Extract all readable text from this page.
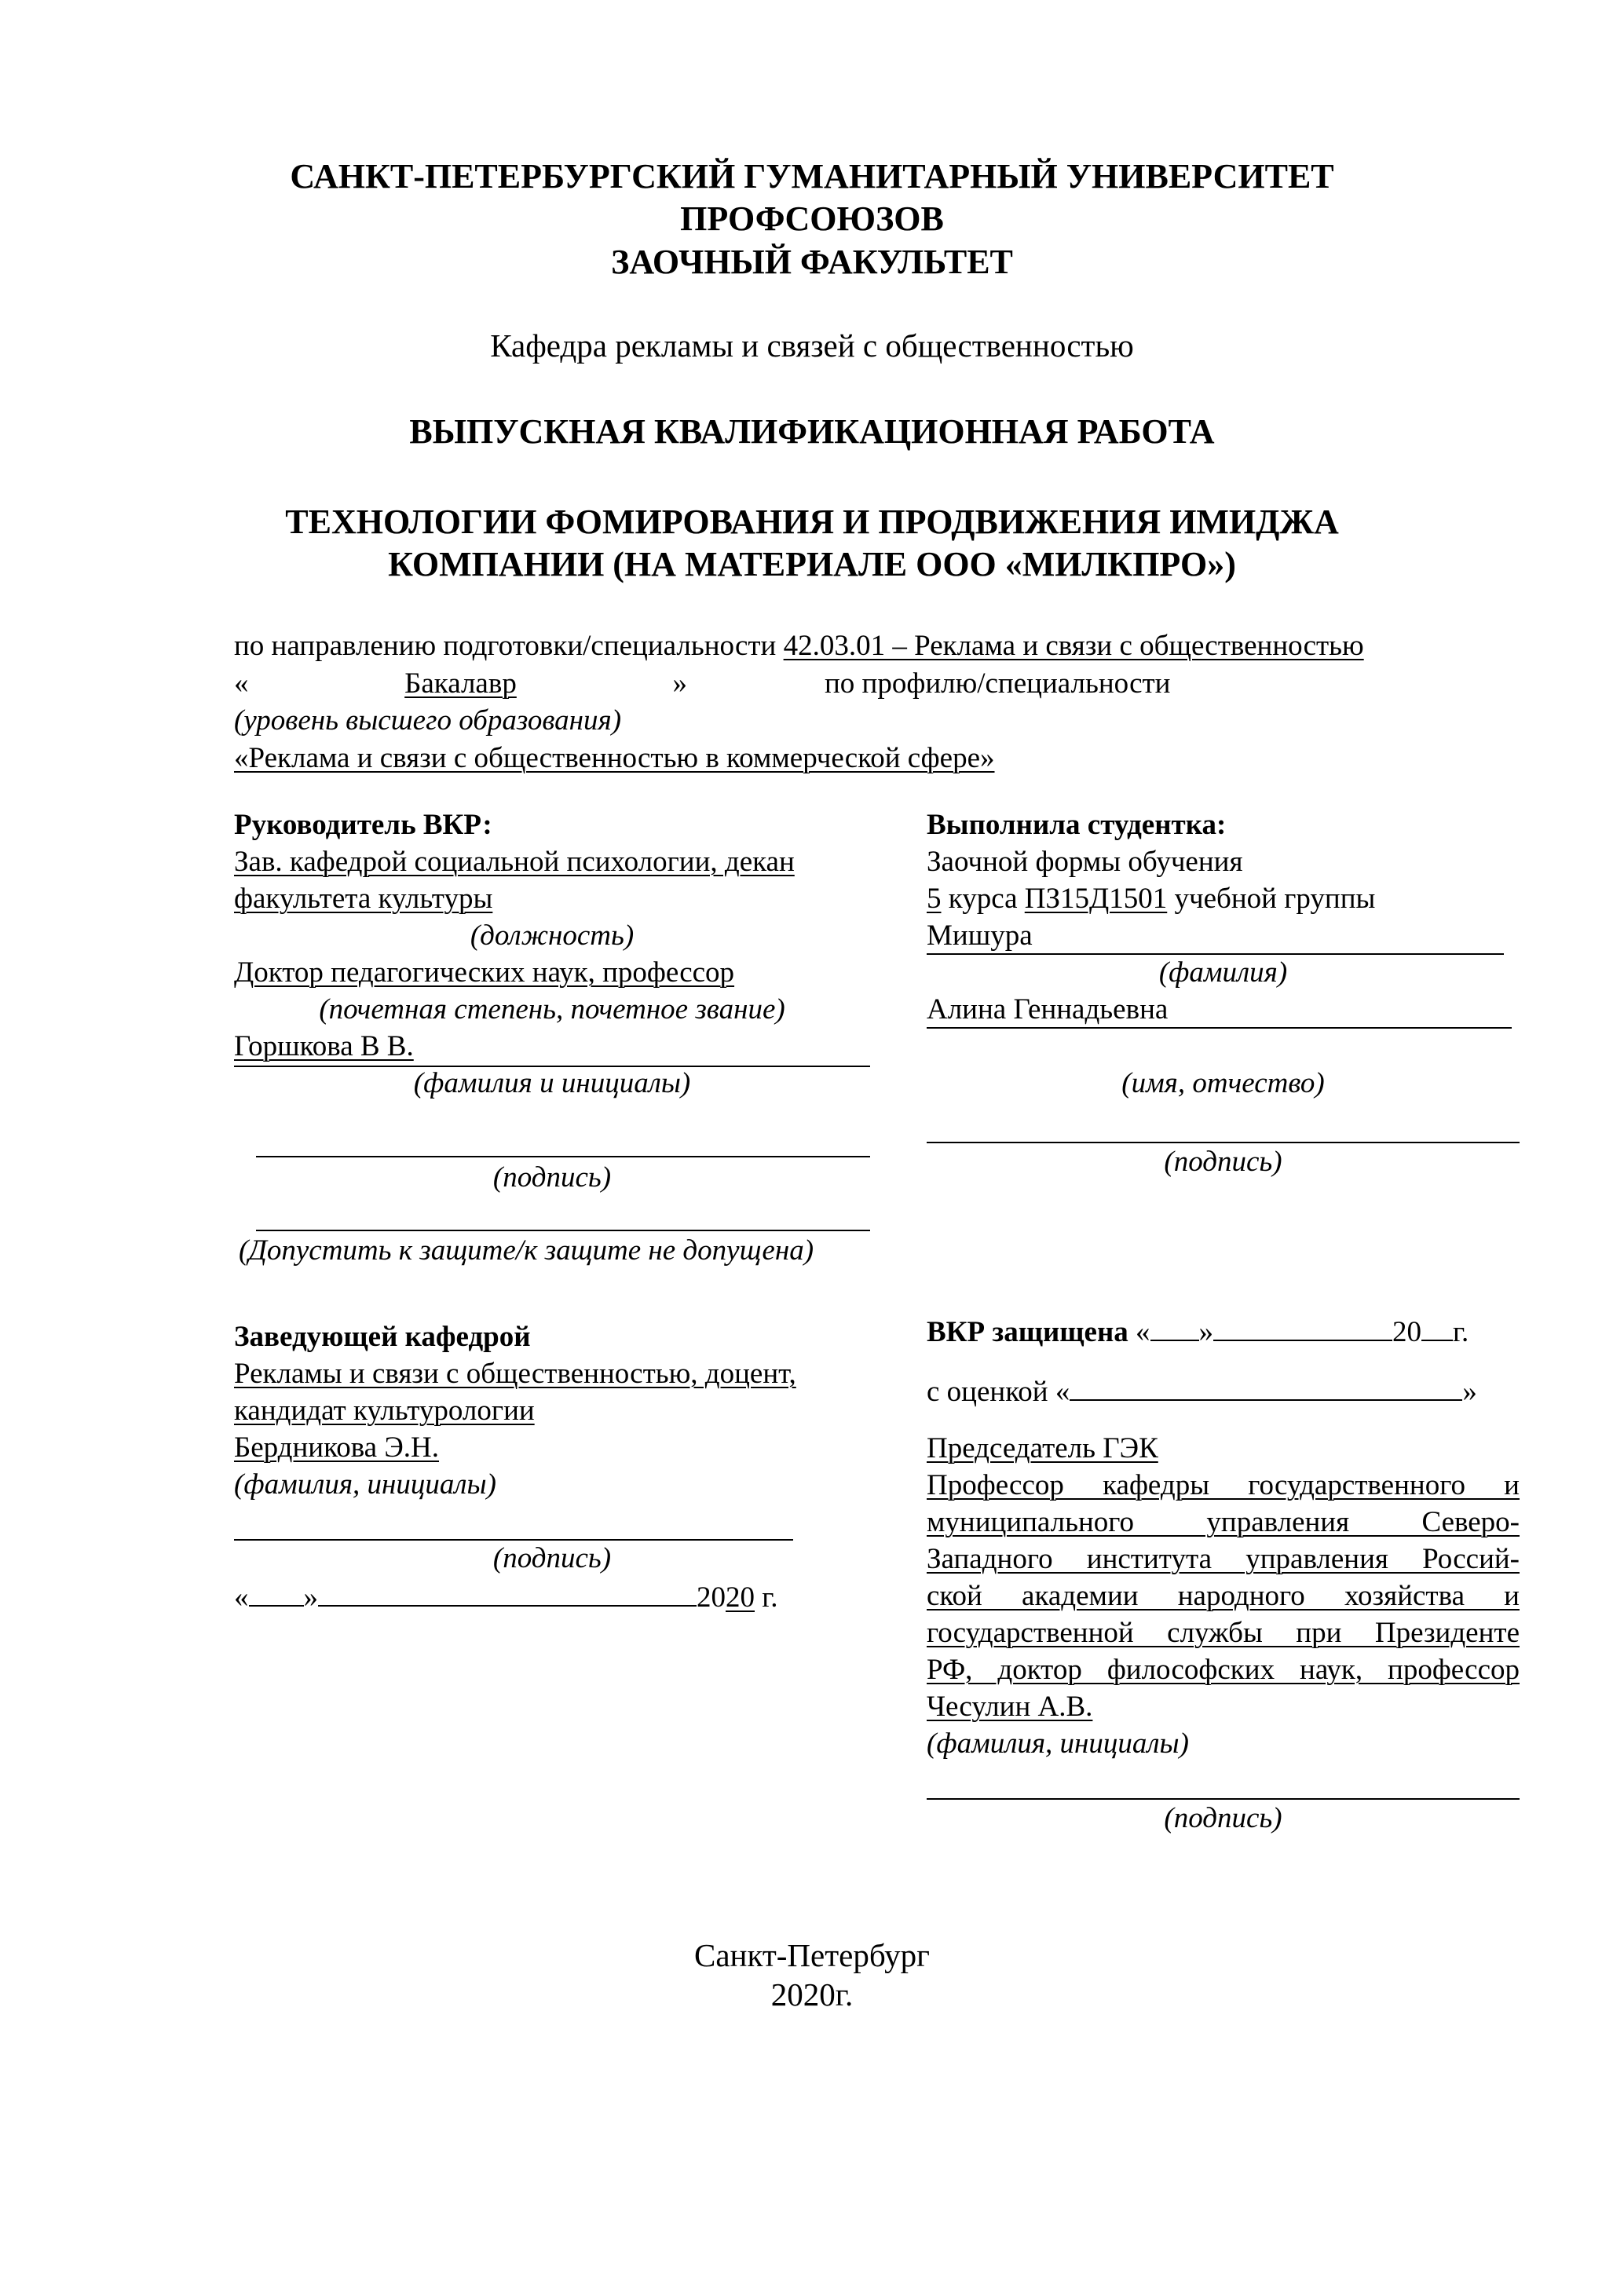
САНКТ-ПЕТЕРБУРГСКИЙ ГУМАНИТАРНЫЙ УНИВЕРСИТЕТ
ПРОФСОЮЗОВ
ЗАОЧНЫЙ ФАКУЛЬТЕТ
Кафедра рекламы и связей с общественностью
ВЫПУСКНАЯ КВАЛИФИКАЦИОННАЯ РАБОТА
ТЕХНОЛОГИИ ФОМИРОВАНИЯ И ПРОДВИЖЕНИЯ ИМИДЖА
КОМПАНИИ (НА МАТЕРИАЛЕ ООО «МИЛКПРО»)
по направлению подготовки/специальности 42.03.01 – Реклама и связи с общественностью
«	Бакалавр	»	по профилю/специальности
(уровень высшего образования)
«Реклама и связи с общественностью в коммерческой сфере»
Руководитель ВКР:
Зав. кафедрой социальной психологии, декан
факультета культуры
(должность)
Доктор педагогических наук, профессор
(почетная степень, почетное звание)
Горшкова В В.
(фамилия и инициалы)
(подпись)
(Допустить к защите/к защите не допущена)
Выполнила студентка:
Заочной формы обучения
5 курса ПЗ15Д1501 учебной группы
Мишура
(фамилия)
Алина Геннадьевна
(имя, отчество)
(подпись)
Заведующей кафедрой
Рекламы и связи с общественностью, доцент,
кандидат культурологии
Бердникова Э.Н.
(фамилия, инициалы)
(подпись)
« »	2020 г.
ВКР защищена « »	20 г.
с оценкой «	»
Председатель ГЭК
Профессор кафедры государственного и
муниципального управления Северо-
Западного института управления Россий-
ской академии народного хозяйства и
государственной службы при Президенте
РФ, доктор философских наук, профессор
Чесулин А.В.
(фамилия, инициалы)
(подпись)
Санкт-Петербург
2020г.
